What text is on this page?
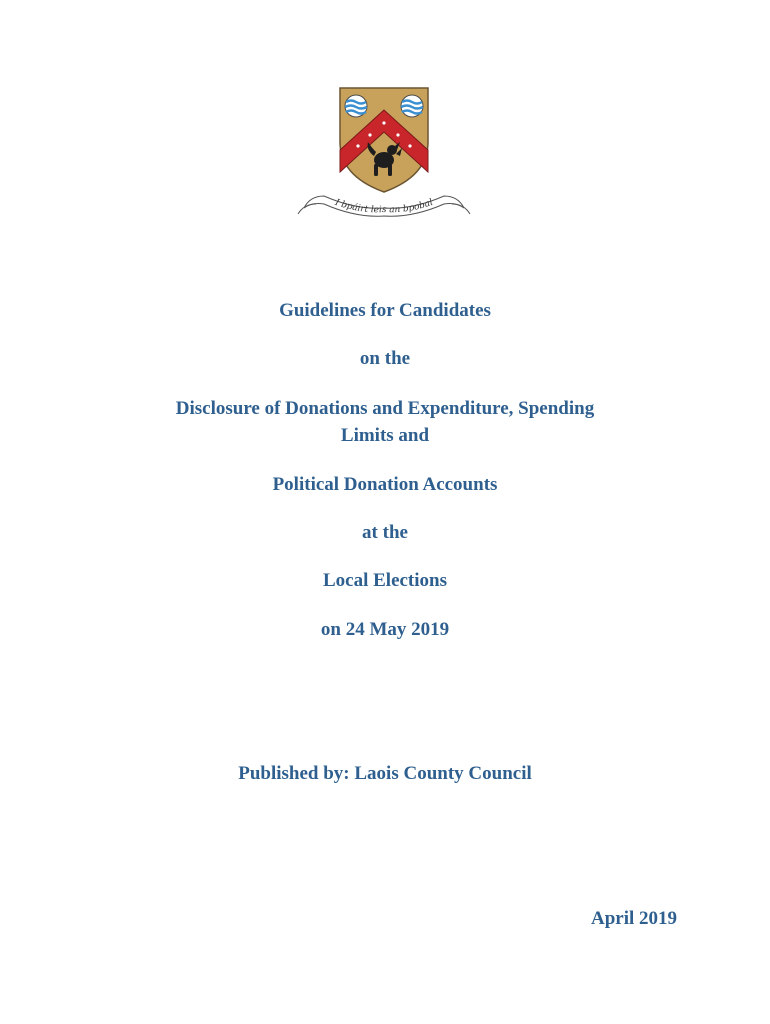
I bpáirt leis an bpobal

Guidelines for Candidates

on the

Disclosure of Donations and Expenditure, Spending
Limits and

Political Donation Accounts

at the

Local Elections

on 24 May 2019

Published by: Laois County Council

April 2019
